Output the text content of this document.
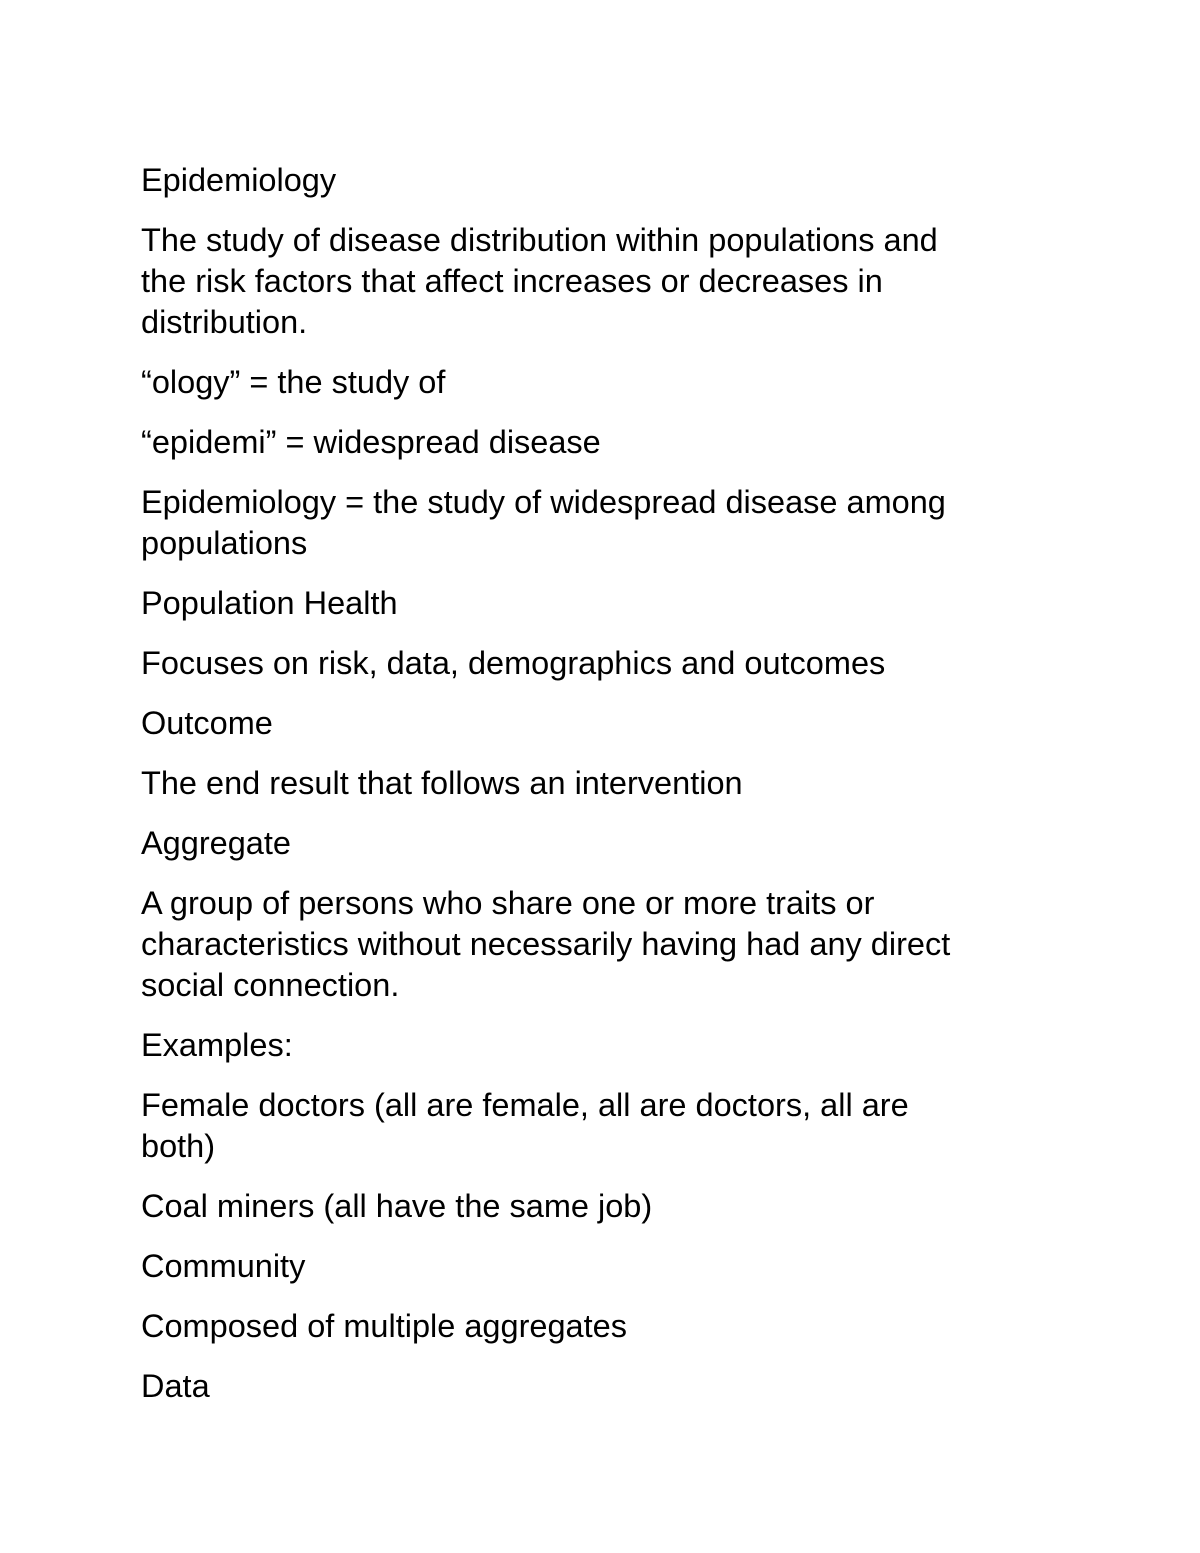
Epidemiology

The study of disease distribution within populations and
the risk factors that affect increases or decreases in
distribution.

“ology” = the study of

“epidemi” = widespread disease

Epidemiology = the study of widespread disease among
populations

Population Health

Focuses on risk, data, demographics and outcomes

Outcome

The end result that follows an intervention

Aggregate

A group of persons who share one or more traits or
characteristics without necessarily having had any direct
social connection.

Examples:

Female doctors (all are female, all are doctors, all are
both)

Coal miners (all have the same job)

Community

Composed of multiple aggregates

Data
